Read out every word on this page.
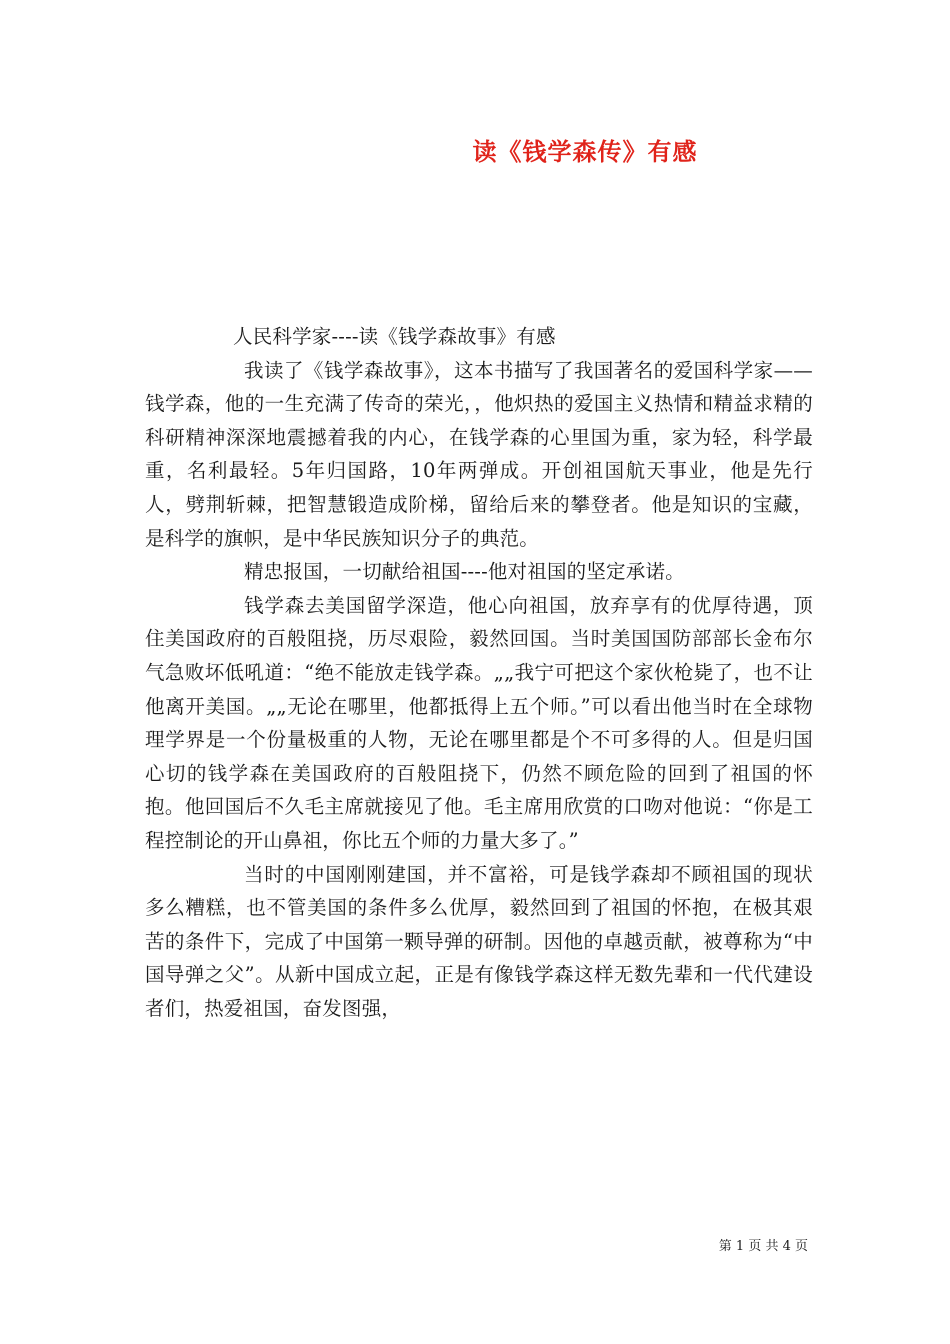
读《钱学森传》有感

人民科学家----读《钱学森故事》有感

我读了《钱学森故事》，这本书描写了我国著名的爱国科学家——钱学森，他的一生充满了传奇的荣光，，他炽热的爱国主义热情和精益求精的科研精神深深地震撼着我的内心，在钱学森的心里国为重，家为轻，科学最重，名利最轻。5年归国路，10年两弹成。开创祖国航天事业，他是先行人，劈荆斩棘，把智慧锻造成阶梯，留给后来的攀登者。他是知识的宝藏，是科学的旗帜，是中华民族知识分子的典范。

精忠报国，一切献给祖国----他对祖国的坚定承诺。

钱学森去美国留学深造，他心向祖国，放弃享有的优厚待遇，顶住美国政府的百般阻挠，历尽艰险，毅然回国。当时美国国防部部长金布尔气急败坏低吼道：“绝不能放走钱学森。„„我宁可把这个家伙枪毙了，也不让他离开美国。„„无论在哪里，他都抵得上五个师。”可以看出他当时在全球物理学界是一个份量极重的人物，无论在哪里都是个不可多得的人。但是归国心切的钱学森在美国政府的百般阻挠下，仍然不顾危险的回到了祖国的怀抱。他回国后不久毛主席就接见了他。毛主席用欣赏的口吻对他说：“你是工程控制论的开山鼻祖，你比五个师的力量大多了。”

当时的中国刚刚建国，并不富裕，可是钱学森却不顾祖国的现状多么糟糕，也不管美国的条件多么优厚，毅然回到了祖国的怀抱，在极其艰苦的条件下，完成了中国第一颗导弹的研制。因他的卓越贡献，被尊称为“中国导弹之父”。从新中国成立起，正是有像钱学森这样无数先辈和一代代建设者们，热爱祖国，奋发图强，

第 1 页 共 4 页
